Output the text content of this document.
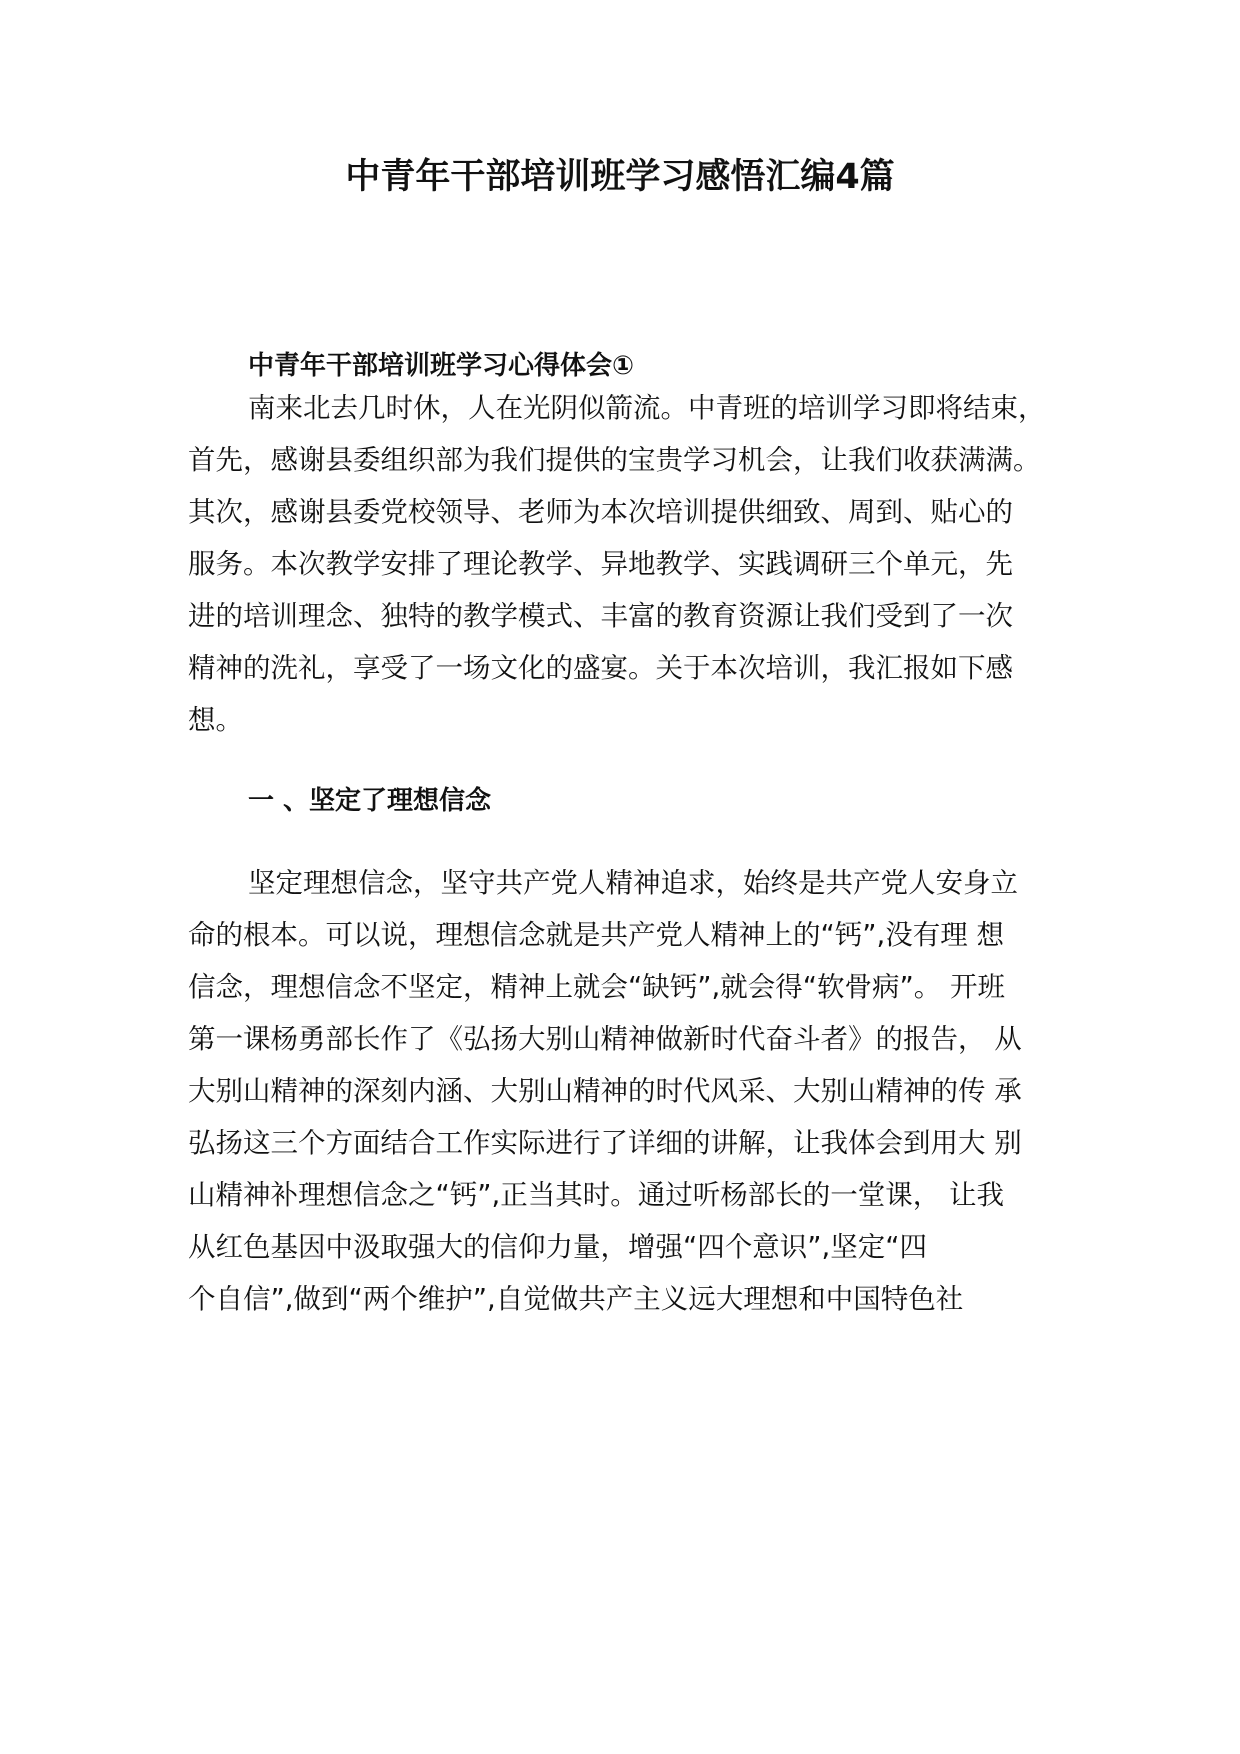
中青年干部培训班学习感悟汇编4篇
中青年干部培训班学习心得体会①
南来北去几时休，人在光阴似箭流。中青班的培训学习即将结束，
首先，感谢县委组织部为我们提供的宝贵学习机会，让我们收获满满。
其次，感谢县委党校领导、老师为本次培训提供细致、周到、贴心的
服务。本次教学安排了理论教学、异地教学、实践调研三个单元，先
进的培训理念、独特的教学模式、丰富的教育资源让我们受到了一次
精神的洗礼，享受了一场文化的盛宴。关于本次培训，我汇报如下感
想。
一 、坚定了理想信念
坚定理想信念，坚守共产党人精神追求，始终是共产党人安身立
命的根本。可以说，理想信念就是共产党人精神上的“钙”,没有理 想
信念，理想信念不坚定，精神上就会“缺钙”,就会得“软骨病”。 开班
第一课杨勇部长作了《弘扬大别山精神做新时代奋斗者》的报告， 从
大别山精神的深刻内涵、大别山精神的时代风采、大别山精神的传 承
弘扬这三个方面结合工作实际进行了详细的讲解，让我体会到用大 别
山精神补理想信念之“钙”,正当其时。通过听杨部长的一堂课， 让我
从红色基因中汲取强大的信仰力量，增强“四个意识”,坚定“四
个自信”,做到“两个维护”,自觉做共产主义远大理想和中国特色社
